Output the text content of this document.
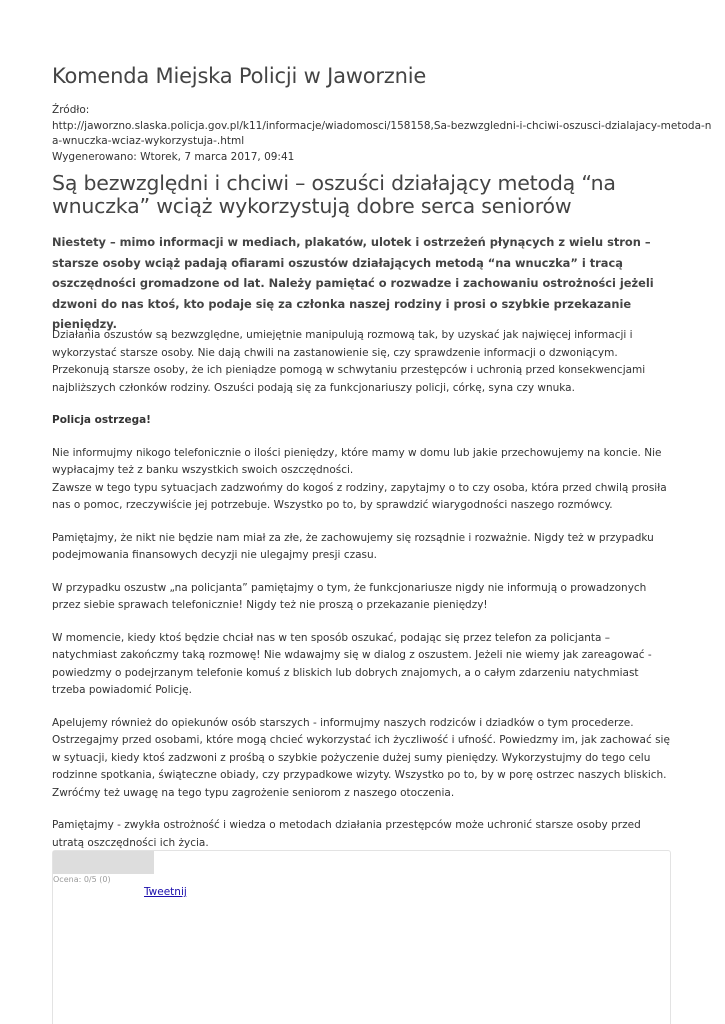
Komenda Miejska Policji w Jaworznie
Źródło:
http://jaworzno.slaska.policja.gov.pl/k11/informacje/wiadomosci/158158,Sa-bezwzgledni-i-chciwi-oszusci-dzialajacy-metoda-n
a-wnuczka-wciaz-wykorzystuja-.html
Wygenerowano: Wtorek, 7 marca 2017, 09:41
Są bezwzględni i chciwi – oszuści działający metodą “na wnuczka” wciąż wykorzystują dobre serca seniorów

Niestety – mimo informacji w mediach, plakatów, ulotek i ostrzeżeń płynących z wielu stron – starsze osoby wciąż padają ofiarami oszustów działających metodą “na wnuczka” i tracą oszczędności gromadzone od lat. Należy pamiętać o rozwadze i zachowaniu ostrożności jeżeli dzwoni do nas ktoś, kto podaje się za członka naszej rodziny i prosi o szybkie przekazanie pieniędzy.

Działania oszustów są bezwzględne, umiejętnie manipulują rozmową tak, by uzyskać jak najwięcej informacji i wykorzystać starsze osoby. Nie dają chwili na zastanowienie się, czy sprawdzenie informacji o dzwoniącym. Przekonują starsze osoby, że ich pieniądze pomogą w schwytaniu przestępców i uchronią przed konsekwencjami najbliższych członków rodziny. Oszuści podają się za funkcjonariuszy policji, córkę, syna czy wnuka.

Policja ostrzega!

Nie informujmy nikogo telefonicznie o ilości pieniędzy, które mamy w domu lub jakie przechowujemy na koncie. Nie wypłacajmy też z banku wszystkich swoich oszczędności.
Zawsze w tego typu sytuacjach zadzwońmy do kogoś z rodziny, zapytajmy o to czy osoba, która przed chwilą prosiła nas o pomoc, rzeczywiście jej potrzebuje. Wszystko po to, by sprawdzić wiarygodności naszego rozmówcy.

Pamiętajmy, że nikt nie będzie nam miał za złe, że zachowujemy się rozsądnie i rozważnie. Nigdy też w przypadku podejmowania finansowych decyzji nie ulegajmy presji czasu.

W przypadku oszustw „na policjanta” pamiętajmy o tym, że funkcjonariusze nigdy nie informują o prowadzonych przez siebie sprawach telefonicznie! Nigdy też nie proszą o przekazanie pieniędzy!

W momencie, kiedy ktoś będzie chciał nas w ten sposób oszukać, podając się przez telefon za policjanta – natychmiast zakończmy taką rozmowę! Nie wdawajmy się w dialog z oszustem. Jeżeli nie wiemy jak zareagować - powiedzmy o podejrzanym telefonie komuś z bliskich lub dobrych znajomych, a o całym zdarzeniu natychmiast trzeba powiadomić Policję.

Apelujemy również do opiekunów osób starszych - informujmy naszych rodziców i dziadków o tym procederze. Ostrzegajmy przed osobami, które mogą chcieć wykorzystać ich życzliwość i ufność. Powiedzmy im, jak zachować się w sytuacji, kiedy ktoś zadzwoni z prośbą o szybkie pożyczenie dużej sumy pieniędzy. Wykorzystujmy do tego celu rodzinne spotkania, świąteczne obiady, czy przypadkowe wizyty. Wszystko po to, by w porę ostrzec naszych bliskich. Zwróćmy też uwagę na tego typu zagrożenie seniorom z naszego otoczenia.

Pamiętajmy - zwykła ostrożność i wiedza o metodach działania przestępców może uchronić starsze osoby przed utratą oszczędności ich życia.

Ocena: 0/5 (0)
Tweetnij
